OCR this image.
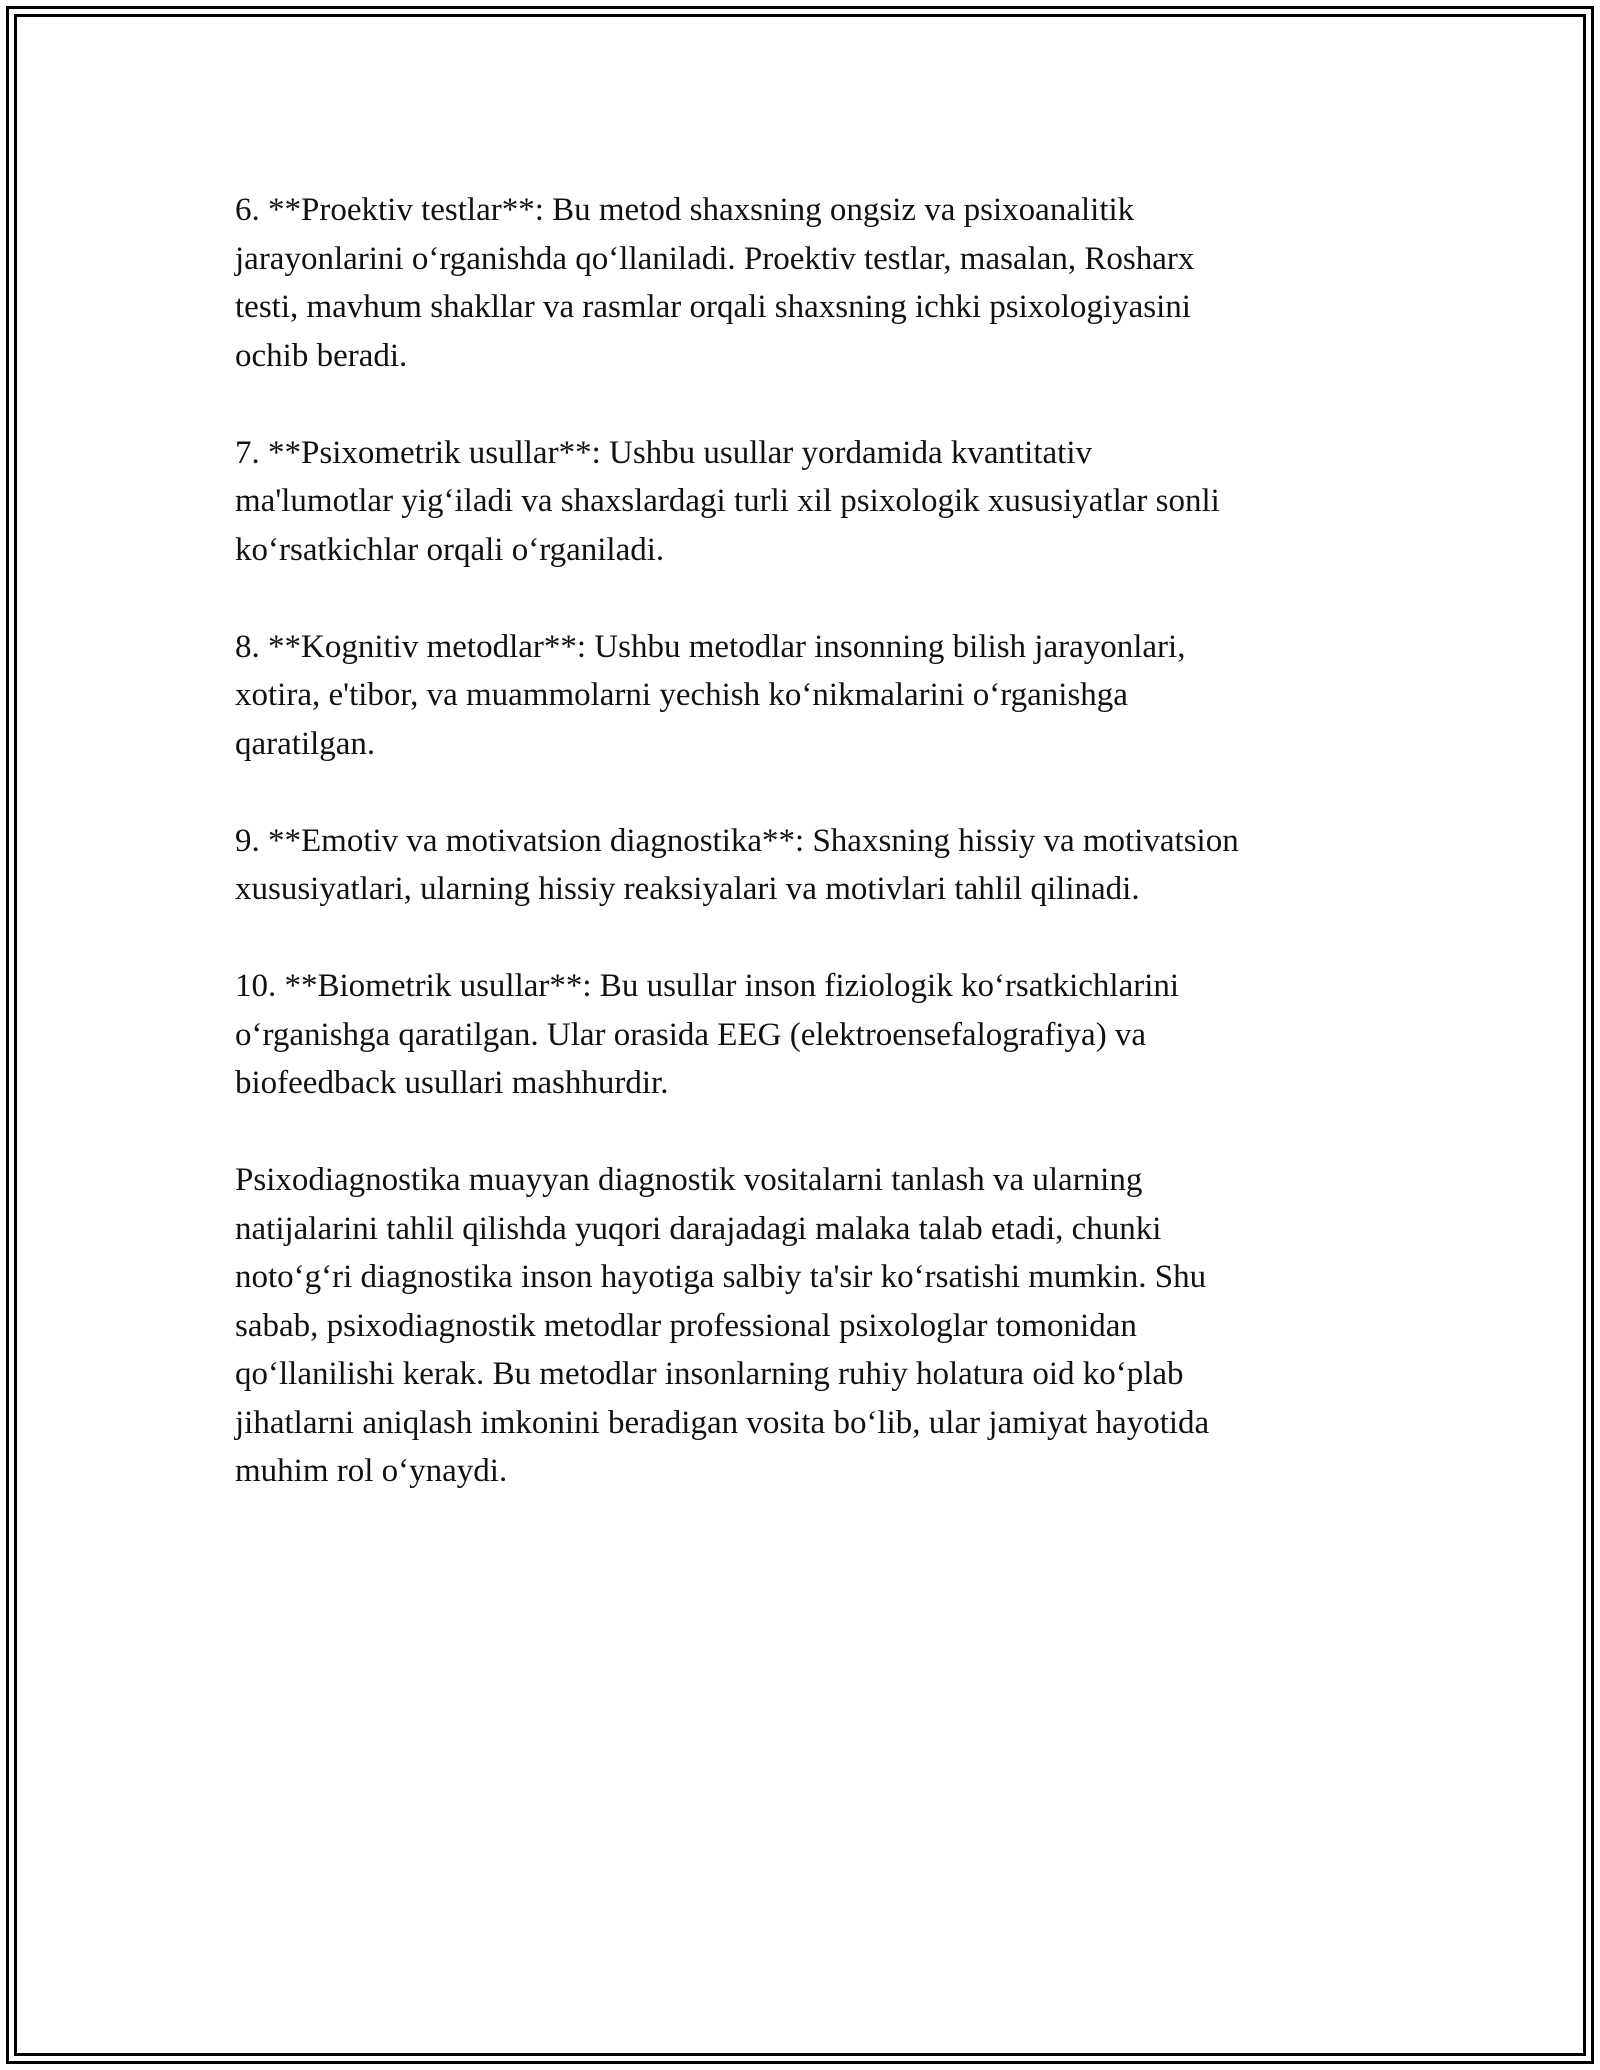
6. **Proektiv testlar**: Bu metod shaxsning ongsiz va psixoanalitik
jarayonlarini oʻrganishda qoʻllaniladi. Proektiv testlar, masalan, Rosharx
testi, mavhum shakllar va rasmlar orqali shaxsning ichki psixologiyasini
ochib beradi.

7. **Psixometrik usullar**: Ushbu usullar yordamida kvantitativ
ma'lumotlar yigʻiladi va shaxslardagi turli xil psixologik xususiyatlar sonli
koʻrsatkichlar orqali oʻrganiladi.

8. **Kognitiv metodlar**: Ushbu metodlar insonning bilish jarayonlari,
xotira, e'tibor, va muammolarni yechish koʻnikmalarini oʻrganishga
qaratilgan.

9. **Emotiv va motivatsion diagnostika**: Shaxsning hissiy va motivatsion
xususiyatlari, ularning hissiy reaksiyalari va motivlari tahlil qilinadi.

10. **Biometrik usullar**: Bu usullar inson fiziologik koʻrsatkichlarini
oʻrganishga qaratilgan. Ular orasida EEG (elektroensefalografiya) va
biofeedback usullari mashhurdir.

Psixodiagnostika muayyan diagnostik vositalarni tanlash va ularning
natijalarini tahlil qilishda yuqori darajadagi malaka talab etadi, chunki
notoʻgʻri diagnostika inson hayotiga salbiy ta'sir koʻrsatishi mumkin. Shu
sabab, psixodiagnostik metodlar professional psixologlar tomonidan
qoʻllanilishi kerak. Bu metodlar insonlarning ruhiy holatura oid koʻplab
jihatlarni aniqlash imkonini beradigan vosita boʻlib, ular jamiyat hayotida
muhim rol oʻynaydi.
